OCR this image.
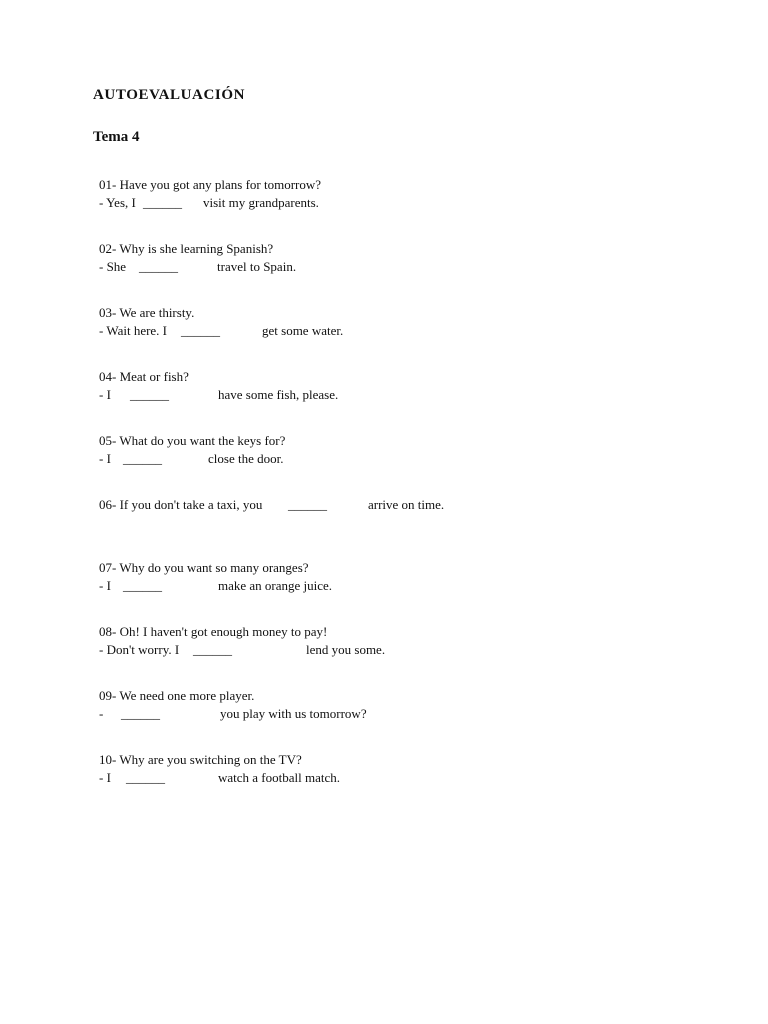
AUTOEVALUACIÓN
Tema 4
01- Have you got any plans for tomorrow?
- Yes, I ______ visit my grandparents.
02- Why is she learning Spanish?
- She ______	travel to Spain.
03- We are thirsty.
- Wait here. I ______	get some water.
04- Meat or fish?
- I ______	have some fish, please.
05- What do you want the keys for?
- I ______	close the door.
06- If you don't take a taxi, you ______	arrive on time.
07- Why do you want so many oranges?
- I ______	make an orange juice.
08- Oh! I haven't got enough money to pay!
- Don't worry. I ______	lend you some.
09- We need one more player.
- ______	you play with us tomorrow?
10- Why are you switching on the TV?
- I ______	watch a football match.
